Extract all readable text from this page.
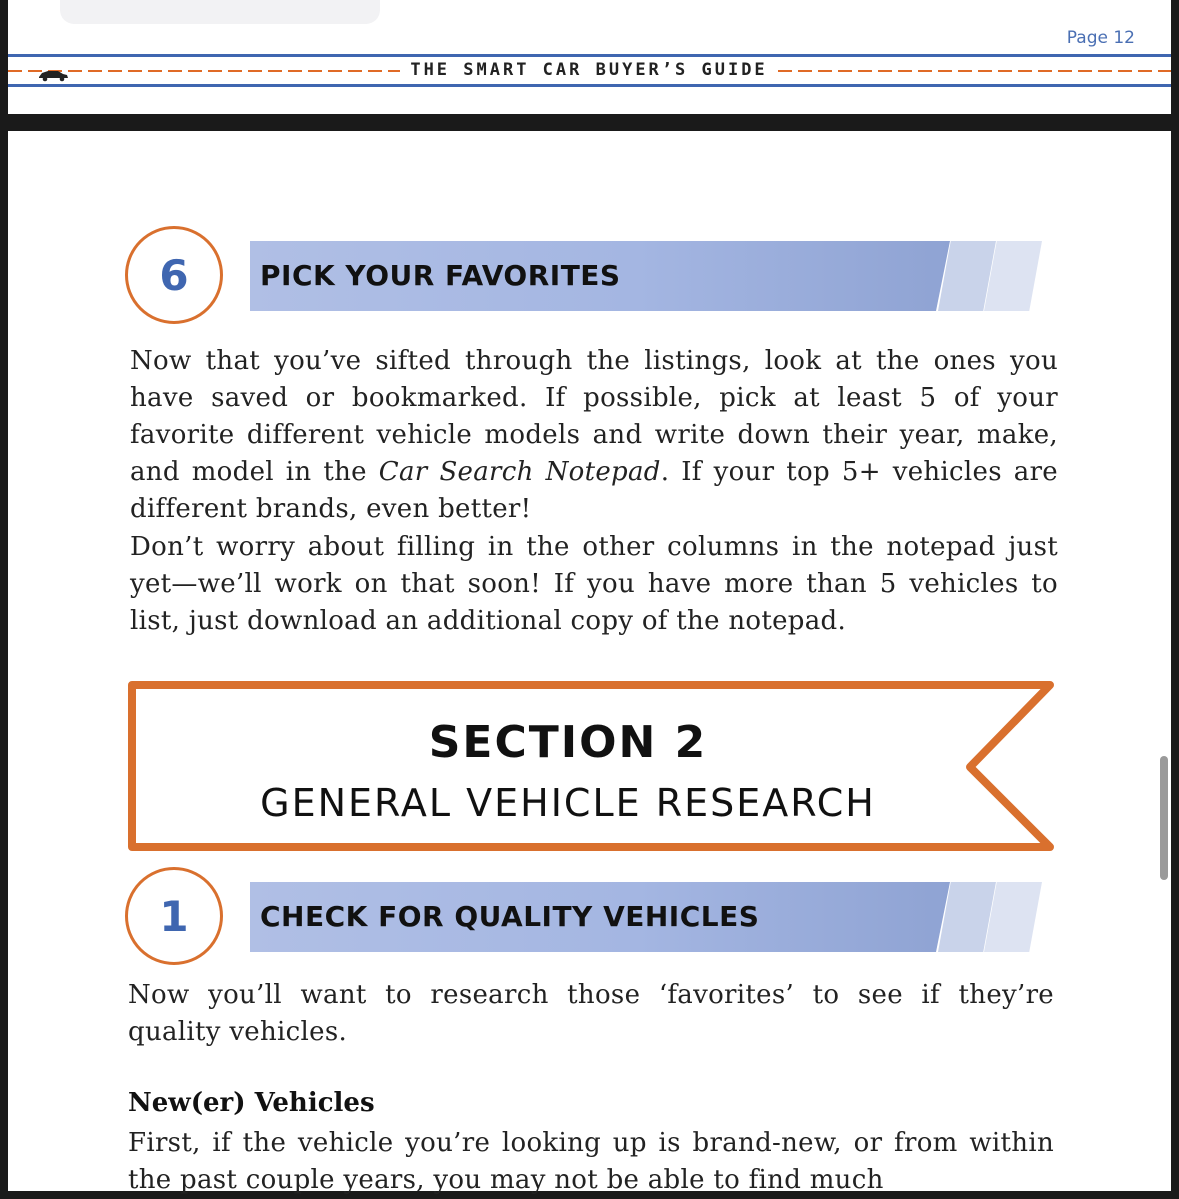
Page 12
THE SMART CAR BUYER’S GUIDE
6	PICK YOUR FAVORITES
Now that you’ve sifted through the listings, look at the ones you have saved or bookmarked. If possible, pick at least 5 of your favorite different vehicle models and write down their year, make, and model in the Car Search Notepad. If your top 5+ vehicles are different brands, even better!
Don’t worry about filling in the other columns in the notepad just yet—we’ll work on that soon! If you have more than 5 vehicles to list, just download an additional copy of the notepad.
SECTION 2
GENERAL VEHICLE RESEARCH
1	CHECK FOR QUALITY VEHICLES
Now you’ll want to research those ‘favorites’ to see if they’re quality vehicles.
New(er) Vehicles
First, if the vehicle you’re looking up is brand-new, or from within the past couple years, you may not be able to find much
